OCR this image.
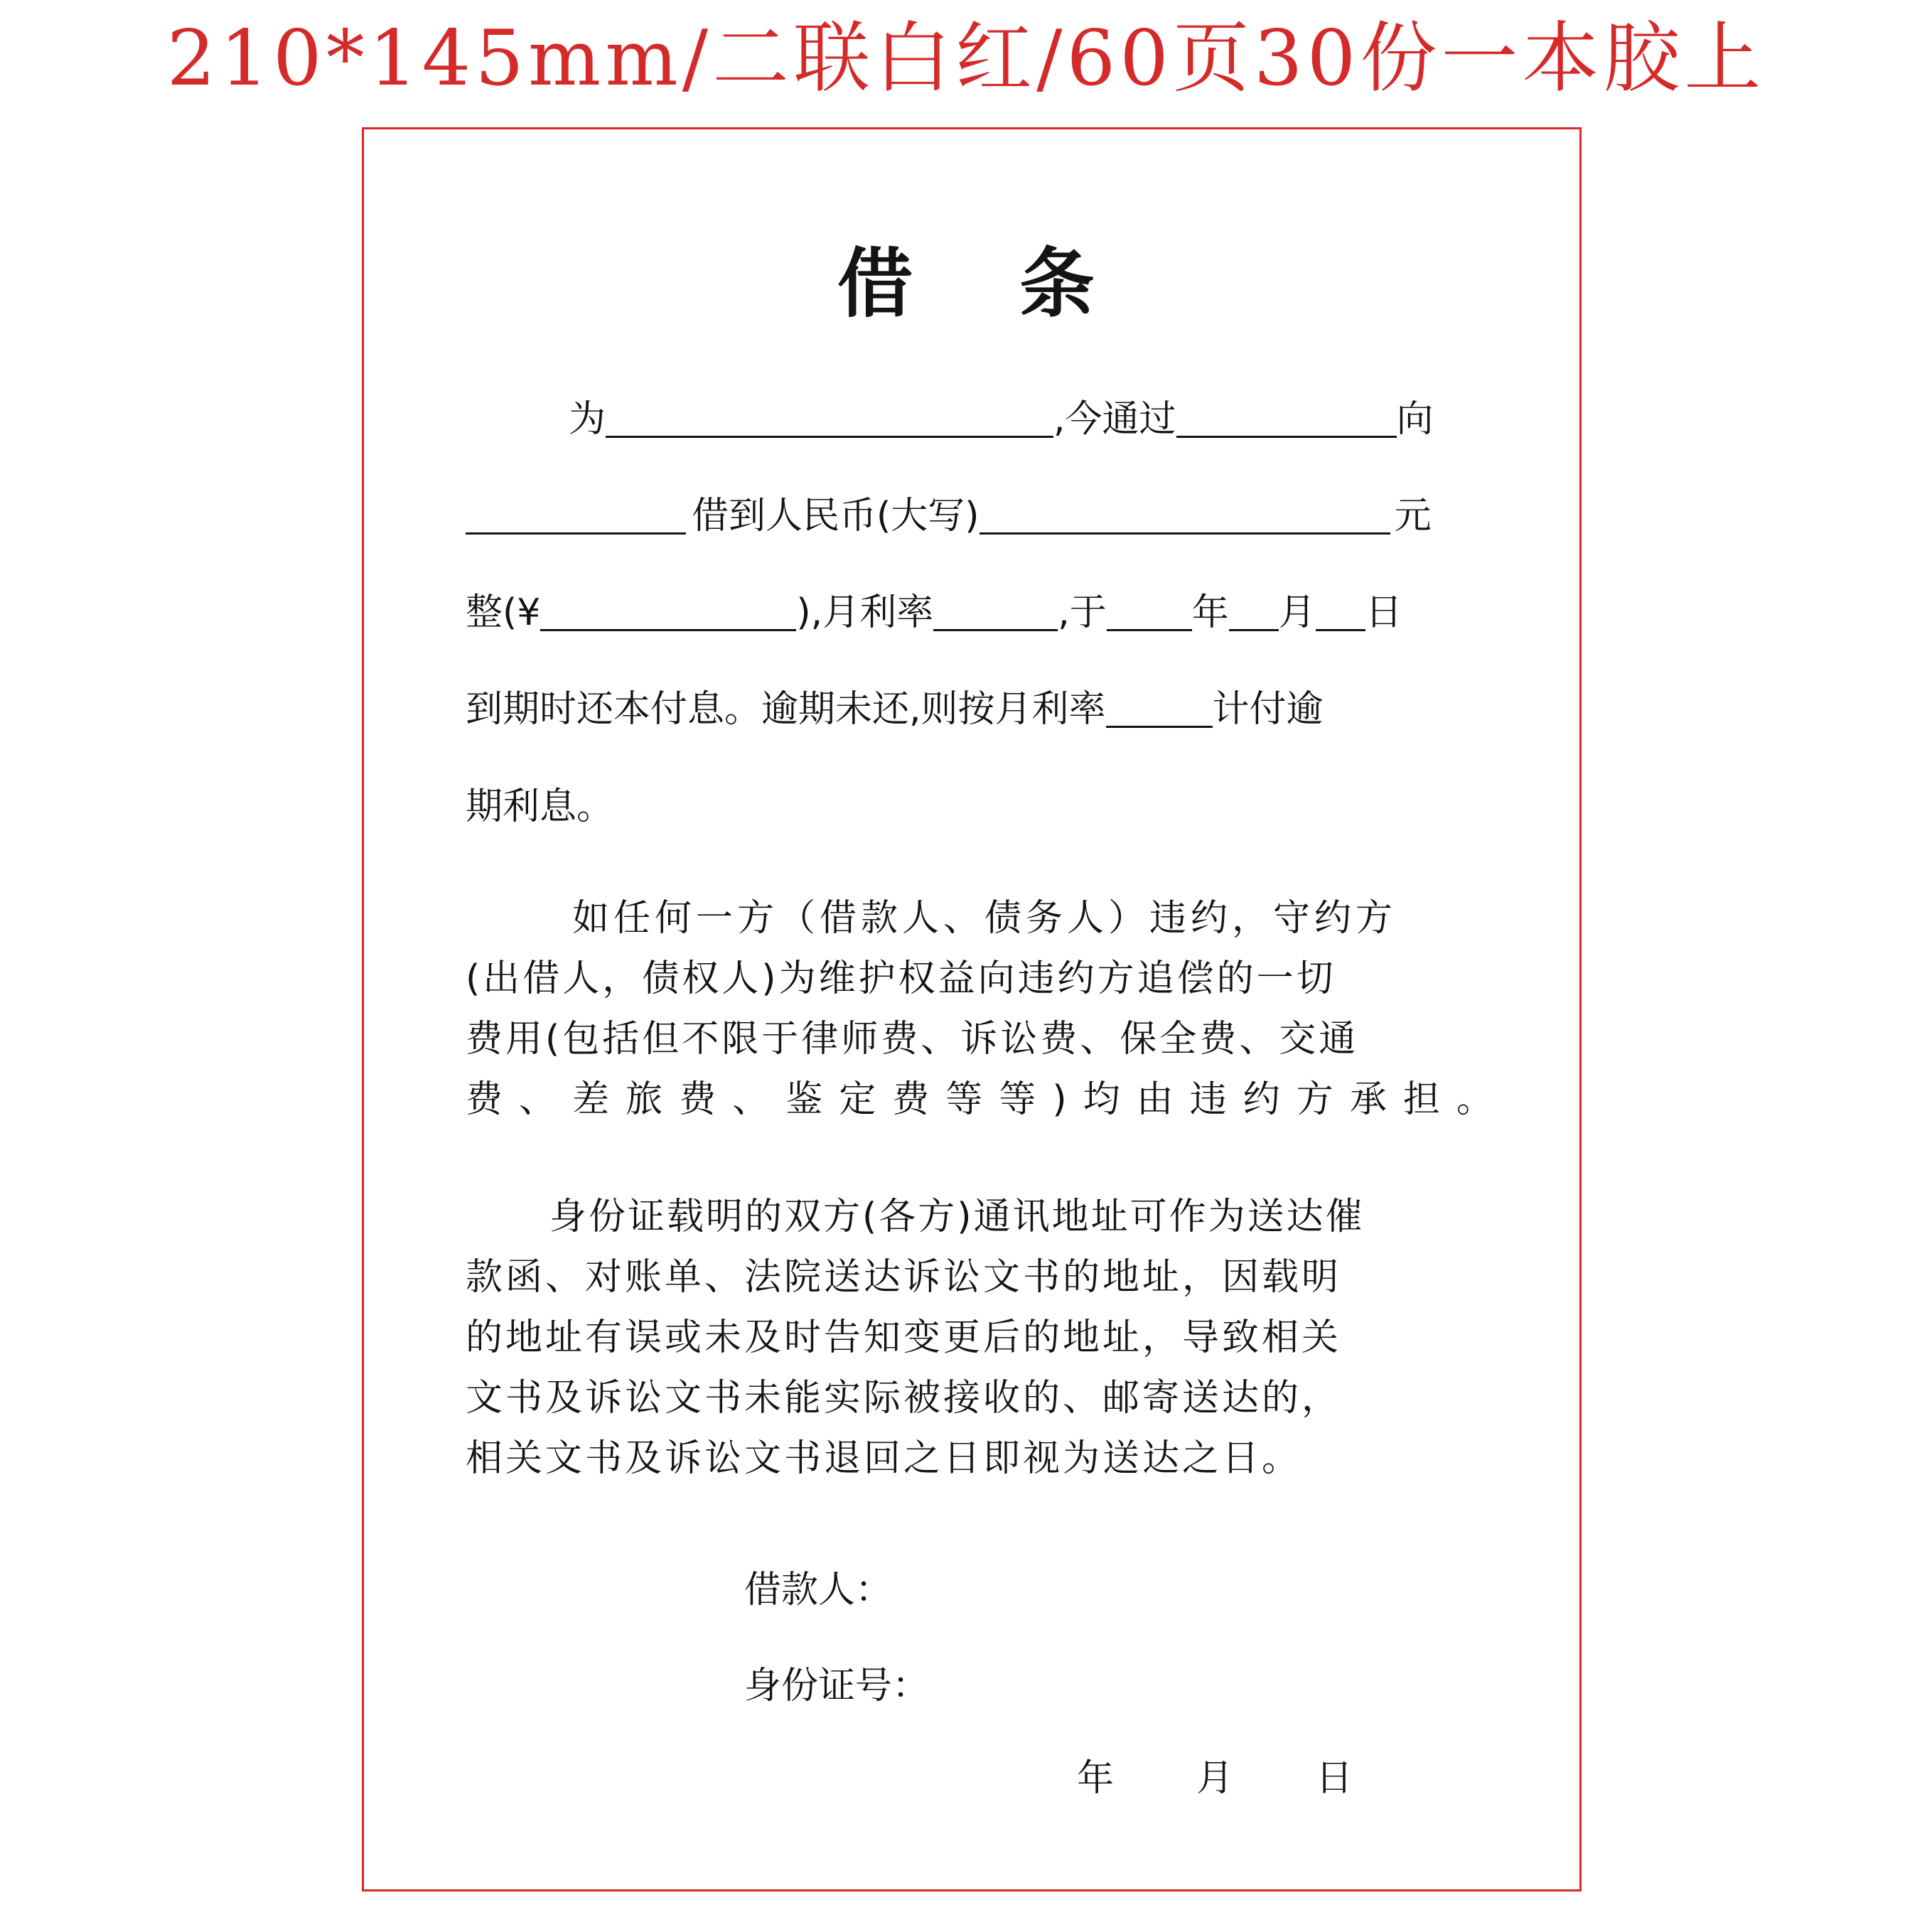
210*145mm/二联白红/60页30份一本胶上
借 条
为	,今通过	向
借到人民币(大写)	元
整(¥	),月利率	,于 年 月 日
到期时还本付息。逾期未还,则按月利率	计付逾
期利息。
如任何一方（借款人、债务人）违约，守约方
(出借人，债权人)为维护权益向违约方追偿的一切
费用(包括但不限于律师费、诉讼费、保全费、交通
费 、 差 旅 费 、 鉴 定 费 等 等 ) 均 由 违 约 方 承 担 。
身份证载明的双方(各方)通讯地址可作为送达催
款函、对账单、法院送达诉讼文书的地址，因载明
的地址有误或未及时告知变更后的地址，导致相关
文书及诉讼文书未能实际被接收的、邮寄送达的，
相关文书及诉讼文书退回之日即视为送达之日。
借款人：
身份证号：
年 月 日
